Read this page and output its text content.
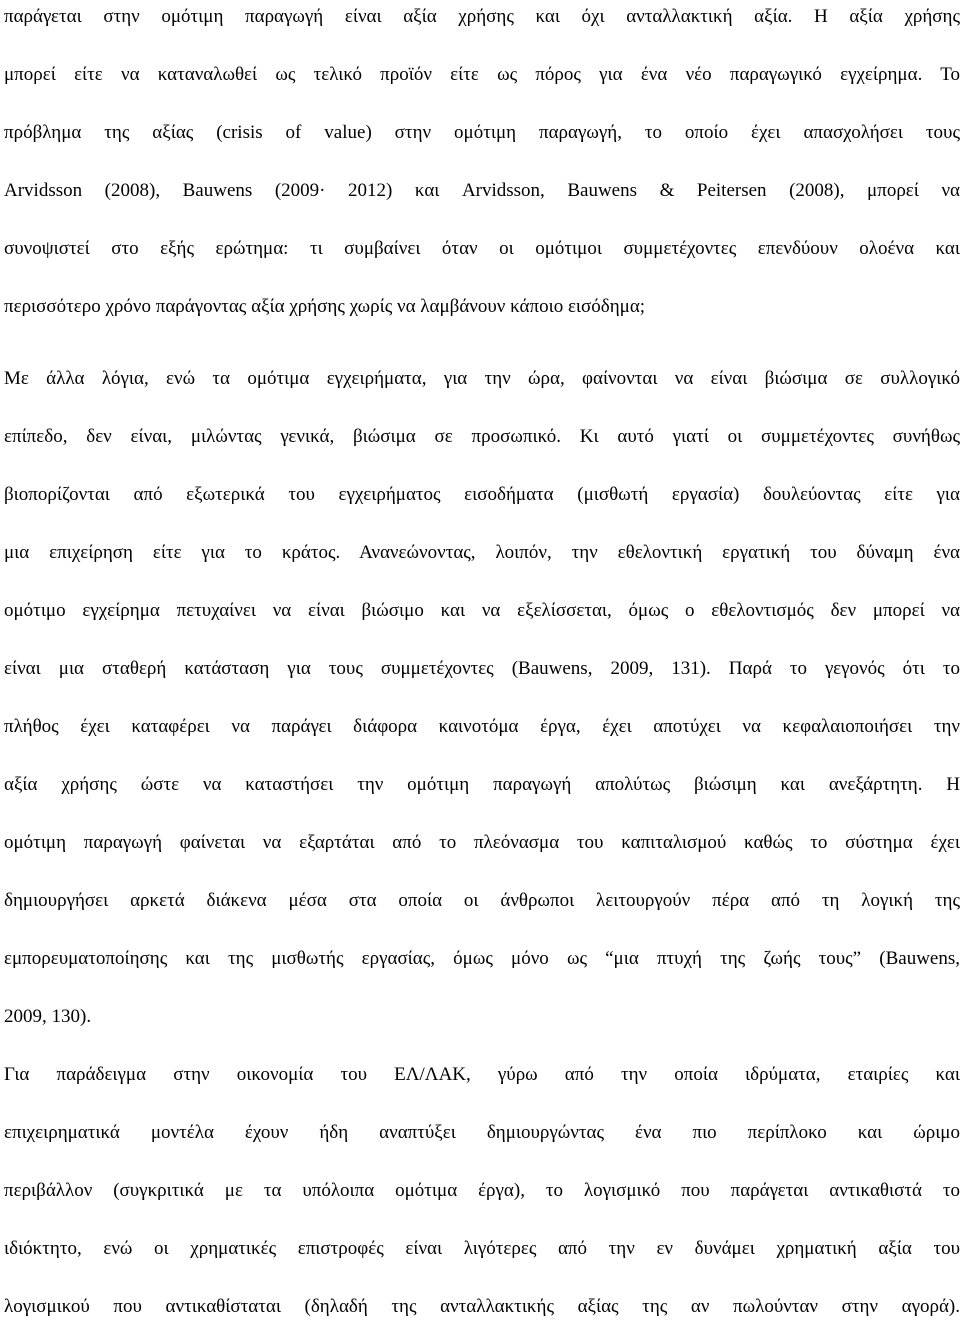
παράγεται στην ομότιμη παραγωγή είναι αξία χρήσης και όχι ανταλλακτική αξία. Η αξία χρήσης
μπορεί είτε να καταναλωθεί ως τελικό προϊόν είτε ως πόρος για ένα νέο παραγωγικό εγχείρημα. Το
πρόβλημα της αξίας (crisis of value) στην ομότιμη παραγωγή, το οποίο έχει απασχολήσει τους
Arvidsson (2008), Bauwens (2009· 2012) και Arvidsson, Bauwens & Peitersen (2008), μπορεί να
συνοψιστεί στο εξής ερώτημα: τι συμβαίνει όταν οι ομότιμοι συμμετέχοντες επενδύουν ολοένα και
περισσότερο χρόνο παράγοντας αξία χρήσης χωρίς να λαμβάνουν κάποιο εισόδημα;
Με άλλα λόγια, ενώ τα ομότιμα εγχειρήματα, για την ώρα, φαίνονται να είναι βιώσιμα σε συλλογικό
επίπεδο, δεν είναι, μιλώντας γενικά, βιώσιμα σε προσωπικό. Κι αυτό γιατί οι συμμετέχοντες συνήθως
βιοπορίζονται από εξωτερικά του εγχειρήματος εισοδήματα (μισθωτή εργασία) δουλεύοντας είτε για
μια επιχείρηση είτε για το κράτος. Ανανεώνοντας, λοιπόν, την εθελοντική εργατική του δύναμη ένα
ομότιμο εγχείρημα πετυχαίνει να είναι βιώσιμο και να εξελίσσεται, όμως ο εθελοντισμός δεν μπορεί να
είναι μια σταθερή κατάσταση για τους συμμετέχοντες (Bauwens, 2009, 131). Παρά το γεγονός ότι το
πλήθος έχει καταφέρει να παράγει διάφορα καινοτόμα έργα, έχει αποτύχει να κεφαλαιοποιήσει την
αξία χρήσης ώστε να καταστήσει την ομότιμη παραγωγή απολύτως βιώσιμη και ανεξάρτητη. Η
ομότιμη παραγωγή φαίνεται να εξαρτάται από το πλεόνασμα του καπιταλισμού καθώς το σύστημα έχει
δημιουργήσει αρκετά διάκενα μέσα στα οποία οι άνθρωποι λειτουργούν πέρα από τη λογική της
εμπορευματοποίησης και της μισθωτής εργασίας, όμως μόνο ως “μια πτυχή της ζωής τους” (Bauwens,
2009, 130).
Για παράδειγμα στην οικονομία του ΕΛ/ΛΑΚ, γύρω από την οποία ιδρύματα, εταιρίες και
επιχειρηματικά μοντέλα έχουν ήδη αναπτύξει δημιουργώντας ένα πιο περίπλοκο και ώριμο
περιβάλλον (συγκριτικά με τα υπόλοιπα ομότιμα έργα), το λογισμικό που παράγεται αντικαθιστά το
ιδιόκτητο, ενώ οι χρηματικές επιστροφές είναι λιγότερες από την εν δυνάμει χρηματική αξία του
λογισμικού που αντικαθίσταται (δηλαδή της ανταλλακτικής αξίας της αν πωλούνταν στην αγορά).
